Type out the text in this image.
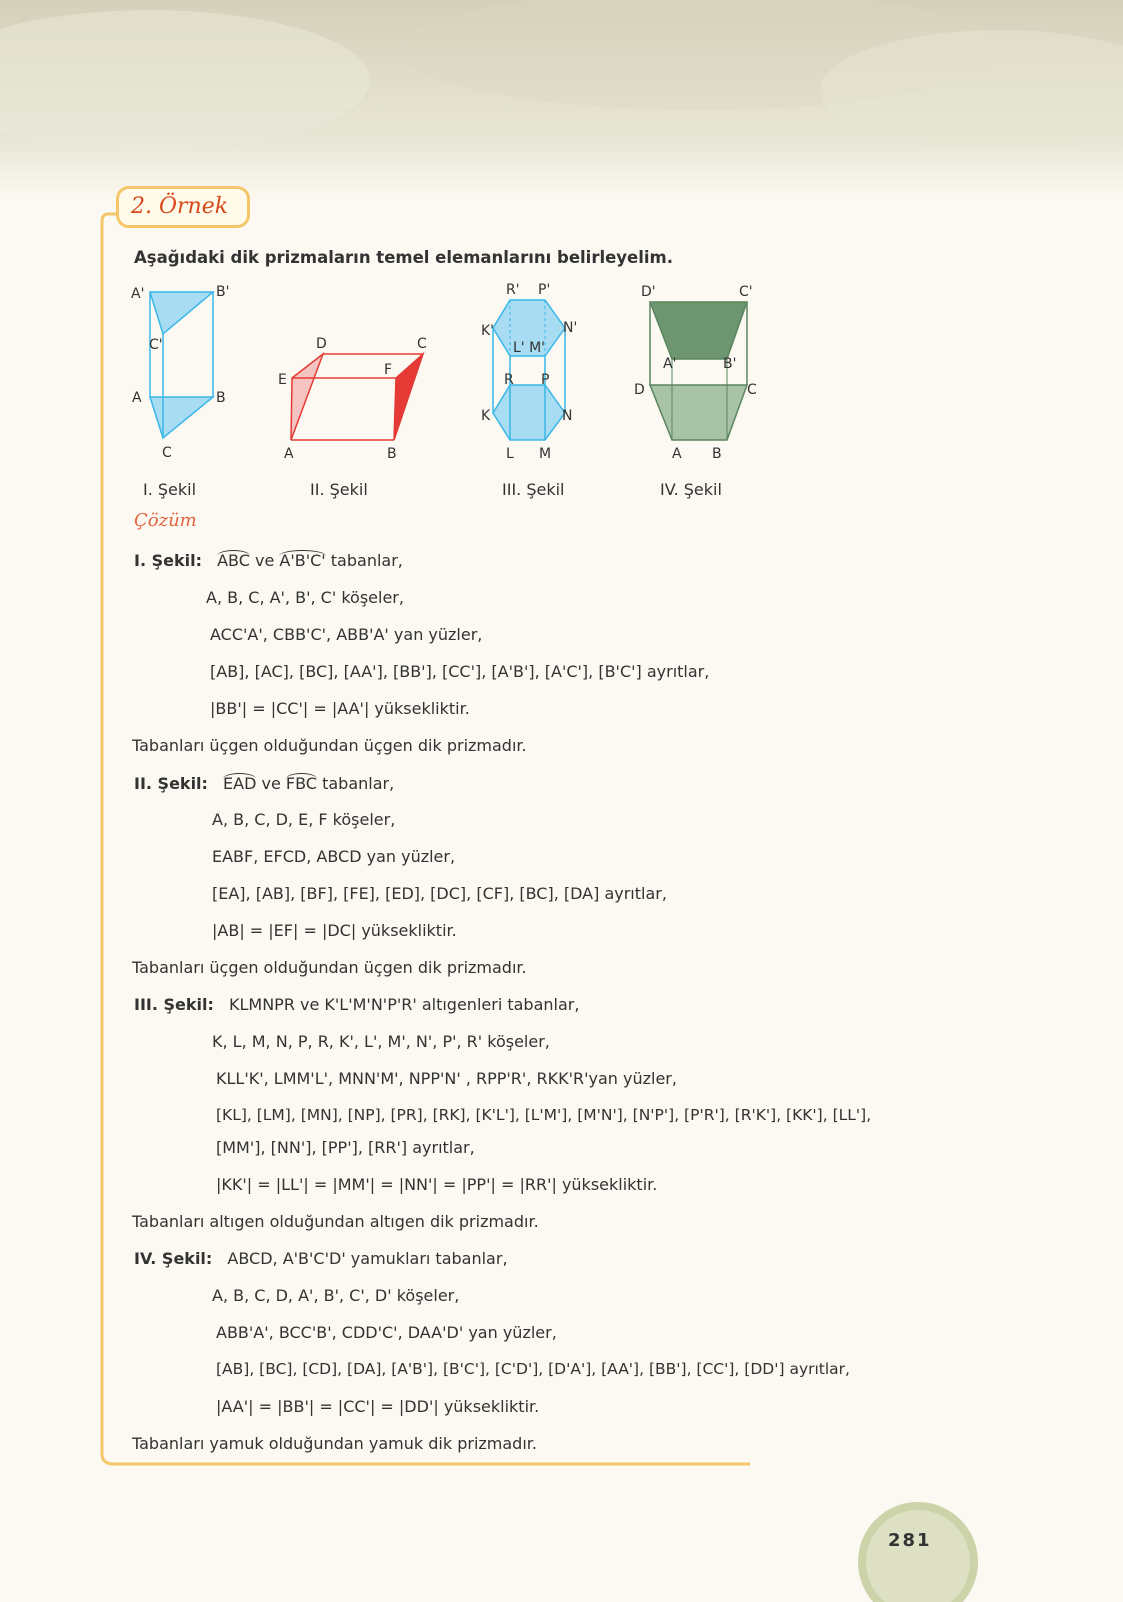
2. Örnek
Aşağıdaki dik prizmaların temel elemanlarını belirleyelim.
A'	B'
C'
A	B
C
D	C
E
F
A	B
R' P'
K'	N'
L' M'
R P
K	N
L M
D'	C'
A'	B'
D	C
A B
I. Şekil	II. Şekil	III. Şekil	IV. Şekil
Çözüm
I. Şekil: ABC ve A'B'C' tabanlar,
A, B, C, A', B', C' köşeler,
ACC'A', CBB'C', ABB'A' yan yüzler,
[AB], [AC], [BC], [AA'], [BB'], [CC'], [A'B'], [A'C'], [B'C'] ayrıtlar,
|BB'| = |CC'| = |AA'| yüksekliktir.
Tabanları üçgen olduğundan üçgen dik prizmadır.
II. Şekil: EAD ve FBC tabanlar,
A, B, C, D, E, F köşeler,
EABF, EFCD, ABCD yan yüzler,
[EA], [AB], [BF], [FE], [ED], [DC], [CF], [BC], [DA] ayrıtlar,
|AB| = |EF| = |DC| yüksekliktir.
Tabanları üçgen olduğundan üçgen dik prizmadır.
III. Şekil: KLMNPR ve K'L'M'N'P'R' altıgenleri tabanlar,
K, L, M, N, P, R, K', L', M', N', P', R' köşeler,
KLL'K', LMM'L', MNN'M', NPP'N' , RPP'R', RKK'R'yan yüzler,
[KL], [LM], [MN], [NP], [PR], [RK], [K'L'], [L'M'], [M'N'], [N'P'], [P'R'], [R'K'], [KK'], [LL'],
[MM'], [NN'], [PP'], [RR'] ayrıtlar,
|KK'| = |LL'| = |MM'| = |NN'| = |PP'| = |RR'| yüksekliktir.
Tabanları altıgen olduğundan altıgen dik prizmadır.
IV. Şekil: ABCD, A'B'C'D' yamukları tabanlar,
A, B, C, D, A', B', C', D' köşeler,
ABB'A', BCC'B', CDD'C', DAA'D' yan yüzler,
[AB], [BC], [CD], [DA], [A'B'], [B'C'], [C'D'], [D'A'], [AA'], [BB'], [CC'], [DD'] ayrıtlar,
|AA'| = |BB'| = |CC'| = |DD'| yüksekliktir.
Tabanları yamuk olduğundan yamuk dik prizmadır.
281
